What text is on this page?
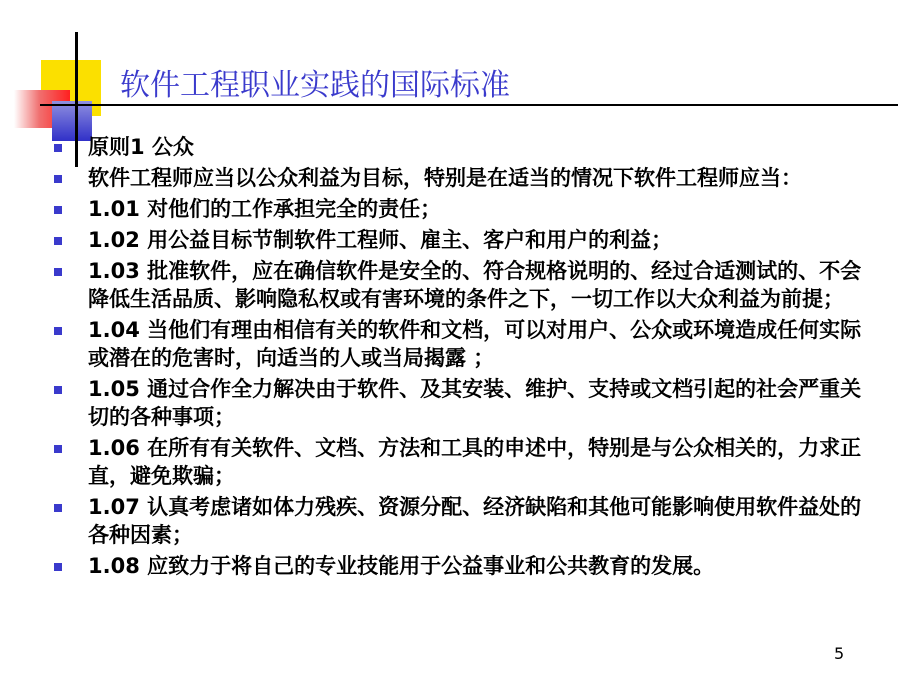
软件工程职业实践的国际标准
原则1 公众
软件工程师应当以公众利益为目标，特别是在适当的情况下软件工程师应当：
1.01 对他们的工作承担完全的责任；
1.02 用公益目标节制软件工程师、雇主、客户和用户的利益；
1.03 批准软件，应在确信软件是安全的、符合规格说明的、经过合适测试的、不会降低生活品质、影响隐私权或有害环境的条件之下，一切工作以大众利益为前提；
1.04 当他们有理由相信有关的软件和文档，可以对用户、公众或环境造成任何实际或潜在的危害时，向适当的人或当局揭露 ；
1.05 通过合作全力解决由于软件、及其安装、维护、支持或文档引起的社会严重关切的各种事项；
1.06 在所有有关软件、文档、方法和工具的申述中，特别是与公众相关的，力求正直，避免欺骗；
1.07 认真考虑诸如体力残疾、资源分配、经济缺陷和其他可能影响使用软件益处的各种因素；
1.08 应致力于将自己的专业技能用于公益事业和公共教育的发展。
5
